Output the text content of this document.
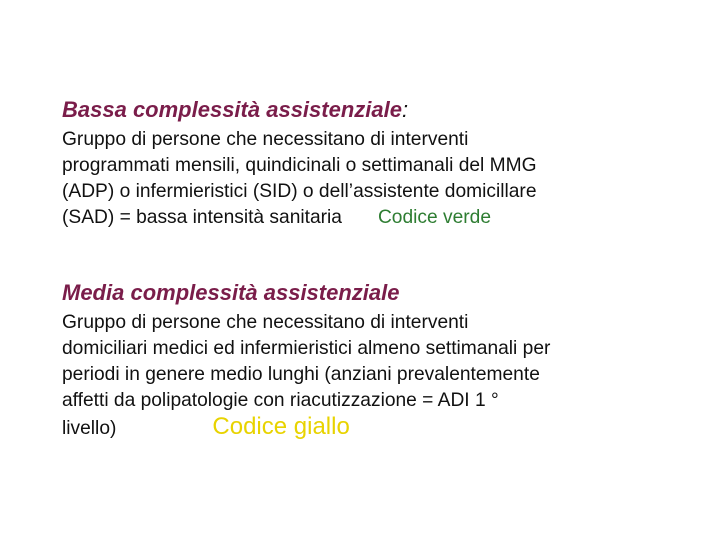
Bassa complessità assistenziale:

Gruppo di persone che necessitano di interventi
programmati mensili, quindicinali o settimanali del MMG
(ADP) o infermieristici (SID) o dell’assistente domicillare
(SAD) = bassa intensità sanitaria Codice verde

Media complessità assistenziale

Gruppo di persone che necessitano di interventi
domiciliari medici ed infermieristici almeno settimanali per
periodi in genere medio lunghi (anziani prevalentemente
affetti da polipatologie con riacutizzazione = ADI 1 °
livello)	Codice giallo
